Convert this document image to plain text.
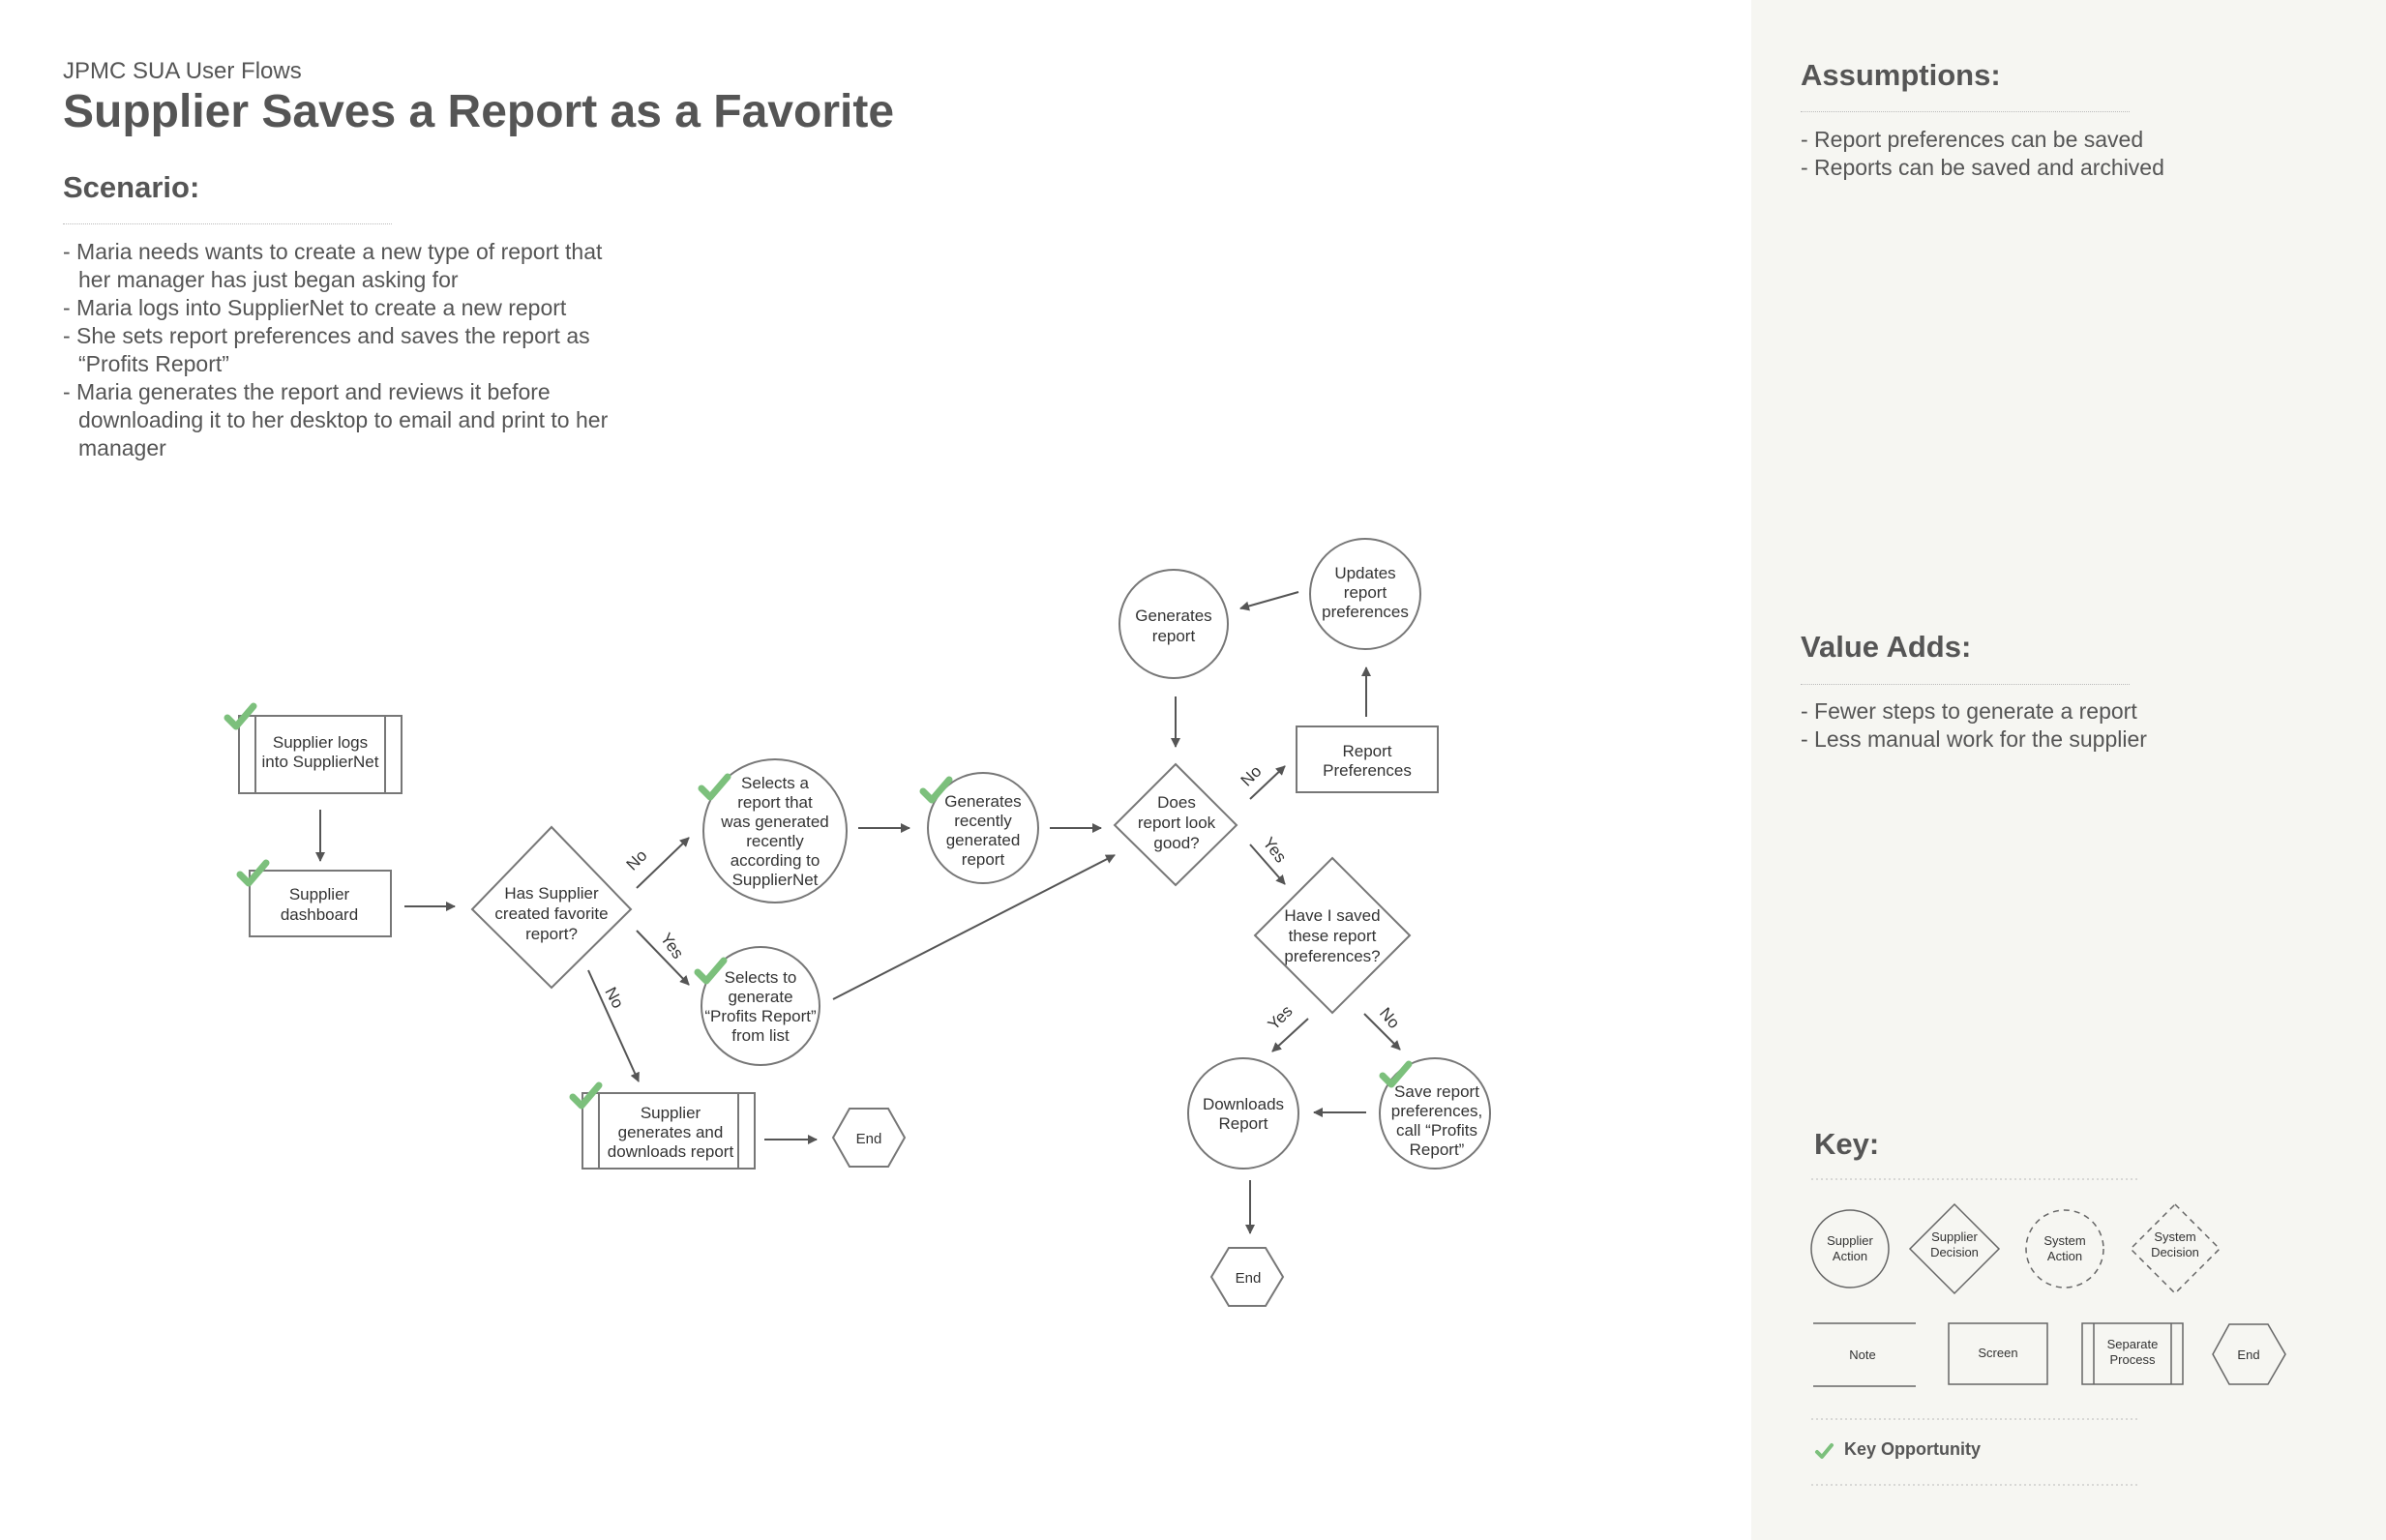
JPMC SUA User Flows
Supplier Saves a Report as a Favorite
Scenario:
- Maria needs wants to create a new type of report that her manager has just began asking for
- Maria logs into SupplierNet to create a new report
- She sets report preferences and saves the report as “Profits Report”
- Maria generates the report and reviews it before downloading it to her desktop to email and print to her manager
Assumptions:
- Report preferences can be saved
- Reports can be saved and archived
Value Adds:
- Fewer steps to generate a report
- Less manual work for the supplier
Key:
No
Yes
No
No
Yes
Yes	No
Supplier logs
into SupplierNet
Supplier
dashboard
Has Supplier
created favorite
report?
Selects a
report that
was generated
recently
according to
SupplierNet
Generates
recently
generated
report
Selects to
generate
“Profits Report”
from list
Supplier
generates and
downloads report
End
Generates
report
Updates
report
preferences
Report
Preferences
Does
report look
good?
Have I saved
these report
preferences?
Downloads
Report
Save report
preferences,
call “Profits
Report”
End
Supplier
Action
Supplier
Decision
System
Action
System
Decision
Note	Screen
Separate
Process	End
Key Opportunity
